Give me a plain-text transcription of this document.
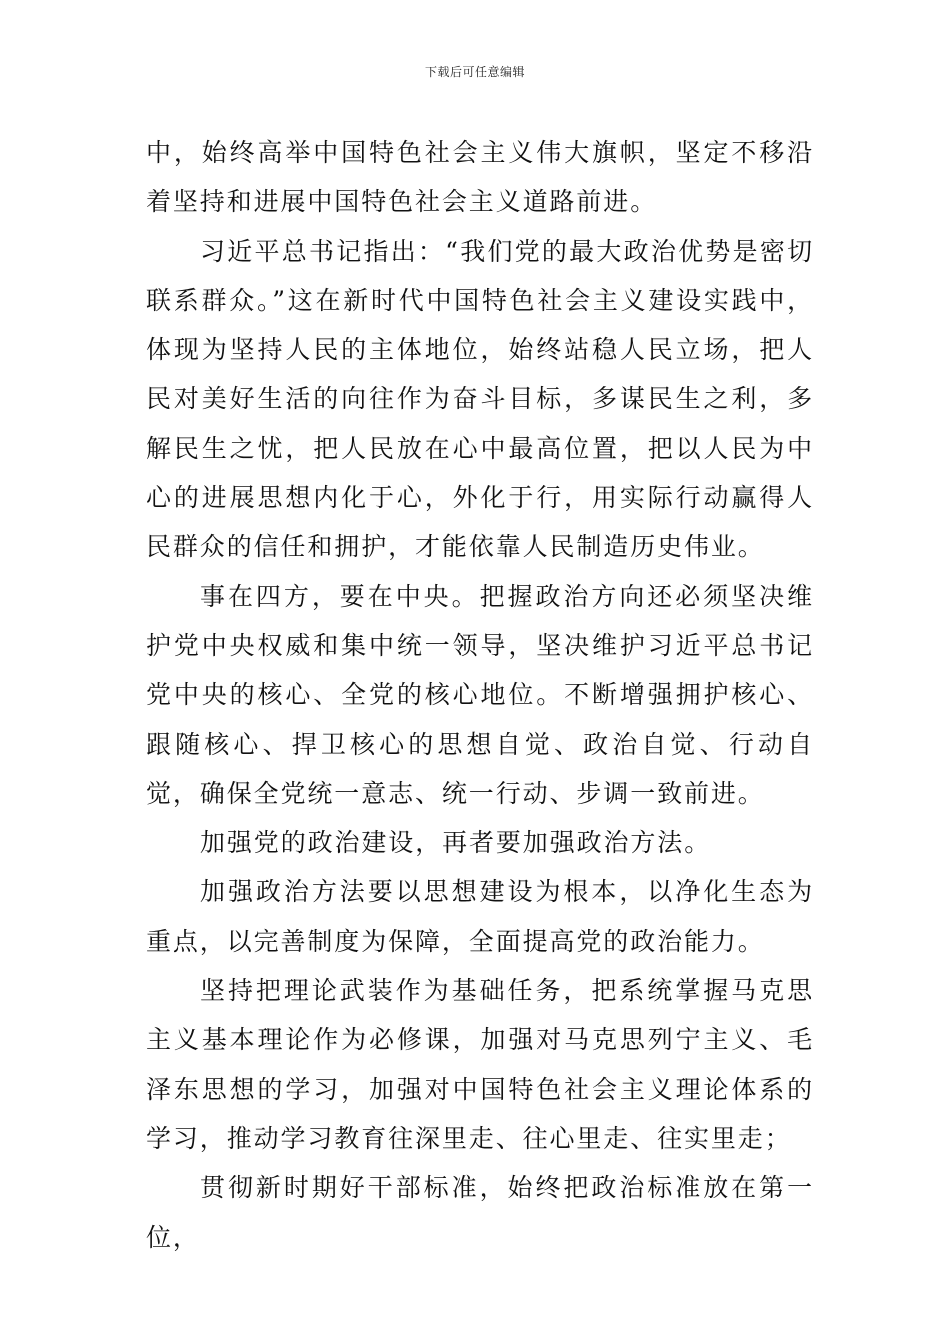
下载后可任意编辑

中，始终高举中国特色社会主义伟大旗帜，坚定不移沿着坚持和进展中国特色社会主义道路前进。

习近平总书记指出：“我们党的最大政治优势是密切联系群众。”这在新时代中国特色社会主义建设实践中，体现为坚持人民的主体地位，始终站稳人民立场，把人民对美好生活的向往作为奋斗目标，多谋民生之利，多解民生之忧，把人民放在心中最高位置，把以人民为中心的进展思想内化于心，外化于行，用实际行动赢得人民群众的信任和拥护，才能依靠人民制造历史伟业。

事在四方，要在中央。把握政治方向还必须坚决维护党中央权威和集中统一领导，坚决维护习近平总书记党中央的核心、全党的核心地位。不断增强拥护核心、跟随核心、捍卫核心的思想自觉、政治自觉、行动自觉，确保全党统一意志、统一行动、步调一致前进。

加强党的政治建设，再者要加强政治方法。

加强政治方法要以思想建设为根本，以净化生态为重点，以完善制度为保障，全面提高党的政治能力。

坚持把理论武装作为基础任务，把系统掌握马克思主义基本理论作为必修课，加强对马克思列宁主义、毛泽东思想的学习，加强对中国特色社会主义理论体系的学习，推动学习教育往深里走、往心里走、往实里走；

贯彻新时期好干部标准，始终把政治标准放在第一位，
